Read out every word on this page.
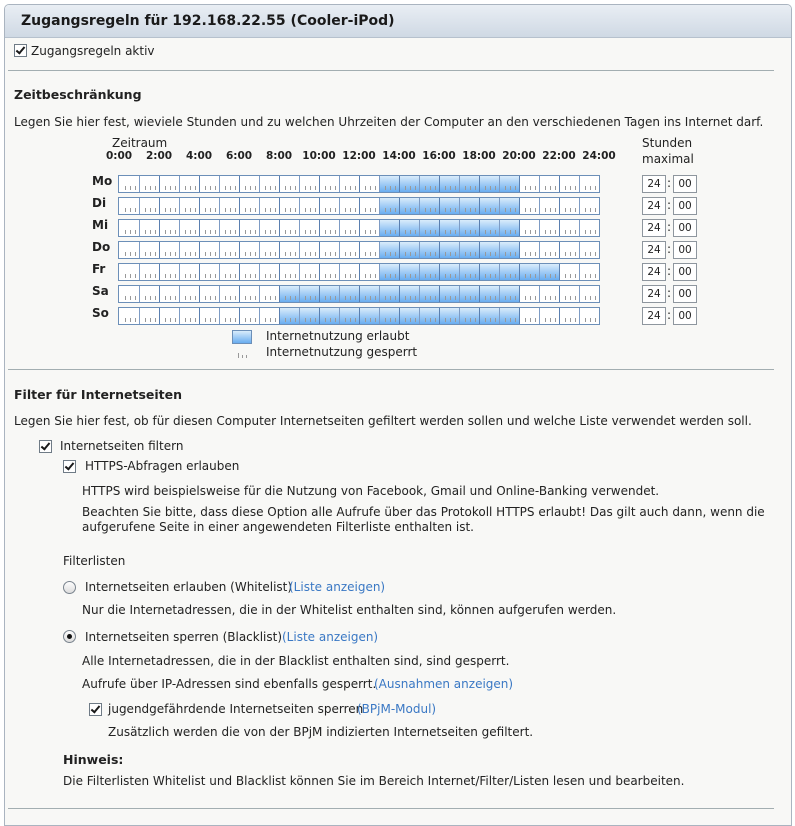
Zugangsregeln für 192.168.22.55 (Cooler-iPod)
Zugangsregeln aktiv
Zeitbeschränkung
Legen Sie hier fest, wieviele Stunden und zu welchen Uhrzeiten der Computer an den verschiedenen Tagen ins Internet darf.
Zeitraum	Stunden
maximal
0:00 2:00 4:00 6:00 8:00 10:00 12:00 14:00 16:00 18:00 20:00 22:00 24:00
Mo	24 : 00
Di	24 : 00
Mi	24 : 00
Do	24 : 00
Fr	24 : 00
Sa	24 : 00
So	24 : 00
Internetnutzung erlaubt
Internetnutzung gesperrt
Filter für Internetseiten
Legen Sie hier fest, ob für diesen Computer Internetseiten gefiltert werden sollen und welche Liste verwendet werden soll.
Internetseiten filtern
HTTPS-Abfragen erlauben
HTTPS wird beispielsweise für die Nutzung von Facebook, Gmail und Online-Banking verwendet.
Beachten Sie bitte, dass diese Option alle Aufrufe über das Protokoll HTTPS erlaubt! Das gilt auch dann, wenn die
aufgerufene Seite in einer angewendeten Filterliste enthalten ist.
Filterlisten
Internetseiten erlauben (Whitelist)
(Liste anzeigen)
Nur die Internetadressen, die in der Whitelist enthalten sind, können aufgerufen werden.
Internetseiten sperren (Blacklist) (Liste anzeigen)
Alle Internetadressen, die in der Blacklist enthalten sind, sind gesperrt.
Aufrufe über IP-Adressen sind ebenfalls gesperrt.
(Ausnahmen anzeigen)
jugendgefährdende Internetseiten sperren
(BPjM-Modul)
Zusätzlich werden die von der BPjM indizierten Internetseiten gefiltert.
Hinweis:
Die Filterlisten Whitelist und Blacklist können Sie im Bereich Internet/Filter/Listen lesen und bearbeiten.
